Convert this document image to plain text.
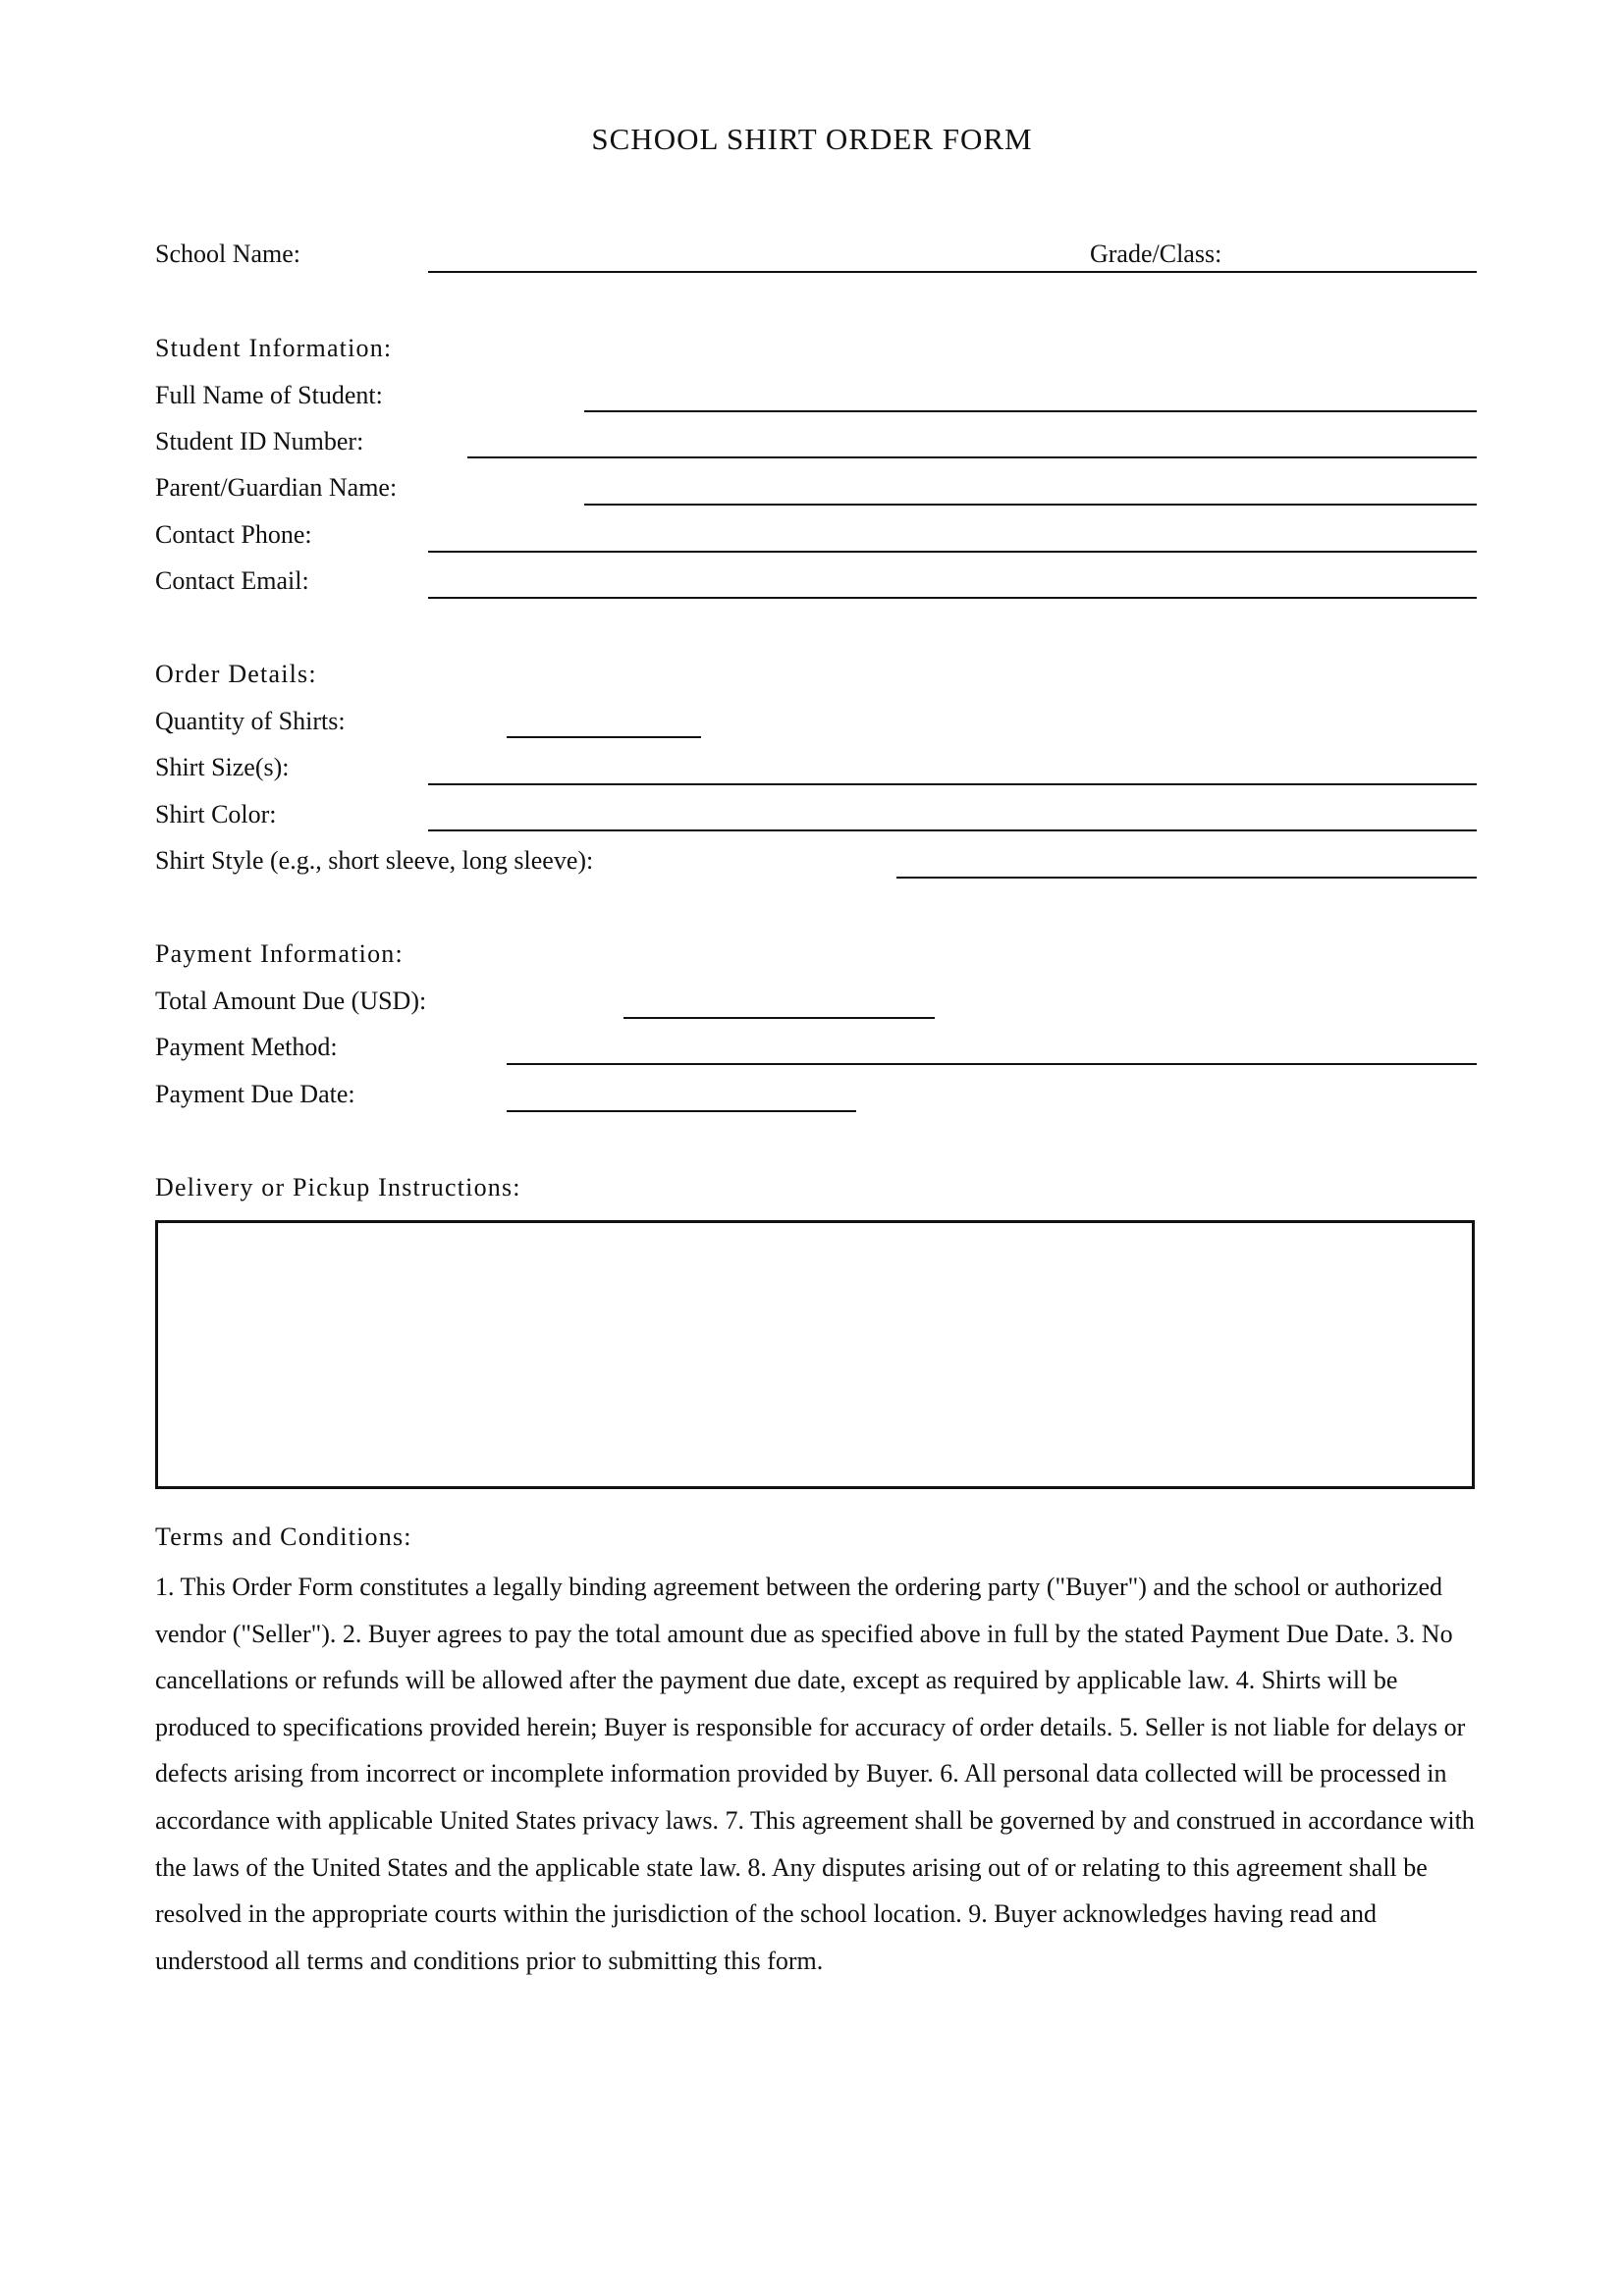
SCHOOL SHIRT ORDER FORM
School Name:	Grade/Class:
Student Information:
Full Name of Student:
Student ID Number:
Parent/Guardian Name:
Contact Phone:
Contact Email:
Order Details:
Quantity of Shirts:
Shirt Size(s):
Shirt Color:
Shirt Style (e.g., short sleeve, long sleeve):
Payment Information:
Total Amount Due (USD):
Payment Method:
Payment Due Date:
Delivery or Pickup Instructions:
Terms and Conditions:
1. This Order Form constitutes a legally binding agreement between the ordering party ("Buyer") and the school or authorized vendor ("Seller"). 2. Buyer agrees to pay the total amount due as specified above in full by the stated Payment Due Date. 3. No cancellations or refunds will be allowed after the payment due date, except as required by applicable law. 4. Shirts will be produced to specifications provided herein; Buyer is responsible for accuracy of order details. 5. Seller is not liable for delays or defects arising from incorrect or incomplete information provided by Buyer. 6. All personal data collected will be processed in accordance with applicable United States privacy laws. 7. This agreement shall be governed by and construed in accordance with the laws of the United States and the applicable state law. 8. Any disputes arising out of or relating to this agreement shall be resolved in the appropriate courts within the jurisdiction of the school location. 9. Buyer acknowledges having read and understood all terms and conditions prior to submitting this form.
